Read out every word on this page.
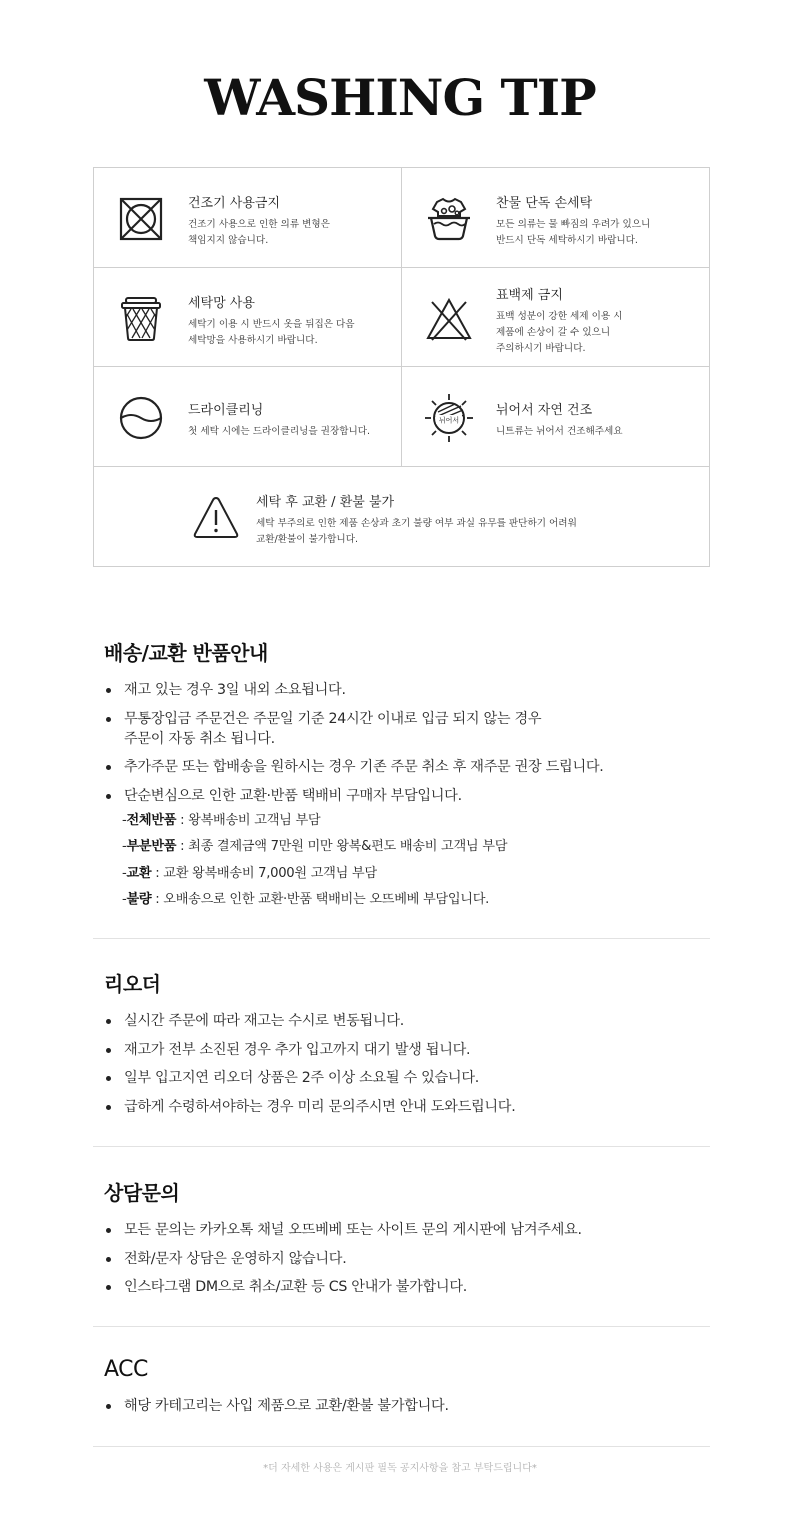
WASHING TIP
건조기 사용금지
건조기 사용으로 인한 의류 변형은
책임지지 않습니다.
찬물 단독 손세탁
모든 의류는 물 빠짐의 우려가 있으니
반드시 단독 세탁하시기 바랍니다.
세탁망 사용
세탁기 이용 시 반드시 옷을 뒤집은 다음
세탁망을 사용하시기 바랍니다.
표백제 금지
표백 성분이 강한 세제 이용 시
제품에 손상이 갈 수 있으니
주의하시기 바랍니다.
드라이클리닝
첫 세탁 시에는 드라이클리닝을 권장합니다.
뉘어서
뉘어서 자연 건조
니트류는 뉘어서 건조해주세요
세탁 후 교환 / 환불 불가
세탁 부주의로 인한 제품 손상과 초기 불량 여부 과실 유무를 판단하기 어려워
교환/환불이 불가합니다.
배송/교환 반품안내
재고 있는 경우 3일 내외 소요됩니다.
무통장입금 주문건은 주문일 기준 24시간 이내로 입금 되지 않는 경우
주문이 자동 취소 됩니다.
추가주문 또는 합배송을 원하시는 경우 기존 주문 취소 후 재주문 권장 드립니다.
단순변심으로 인한 교환·반품 택배비 구매자 부담입니다.
-전체반품 : 왕복배송비 고객님 부담
-부분반품 : 최종 결제금액 7만원 미만 왕복&편도 배송비 고객님 부담
-교환 : 교환 왕복배송비 7,000원 고객님 부담
-불량 : 오배송으로 인한 교환·반품 택배비는 오뜨베베 부담입니다.
리오더
실시간 주문에 따라 재고는 수시로 변동됩니다.
재고가 전부 소진된 경우 추가 입고까지 대기 발생 됩니다.
일부 입고지연 리오더 상품은 2주 이상 소요될 수 있습니다.
급하게 수령하셔야하는 경우 미리 문의주시면 안내 도와드립니다.
상담문의
모든 문의는 카카오톡 채널 오뜨베베 또는 사이트 문의 게시판에 남겨주세요.
전화/문자 상담은 운영하지 않습니다.
인스타그램 DM으로 취소/교환 등 CS 안내가 불가합니다.
ACC
해당 카테고리는 사입 제품으로 교환/환불 불가합니다.
*더 자세한 사용은 게시판 필독 공지사항을 참고 부탁드립니다*
